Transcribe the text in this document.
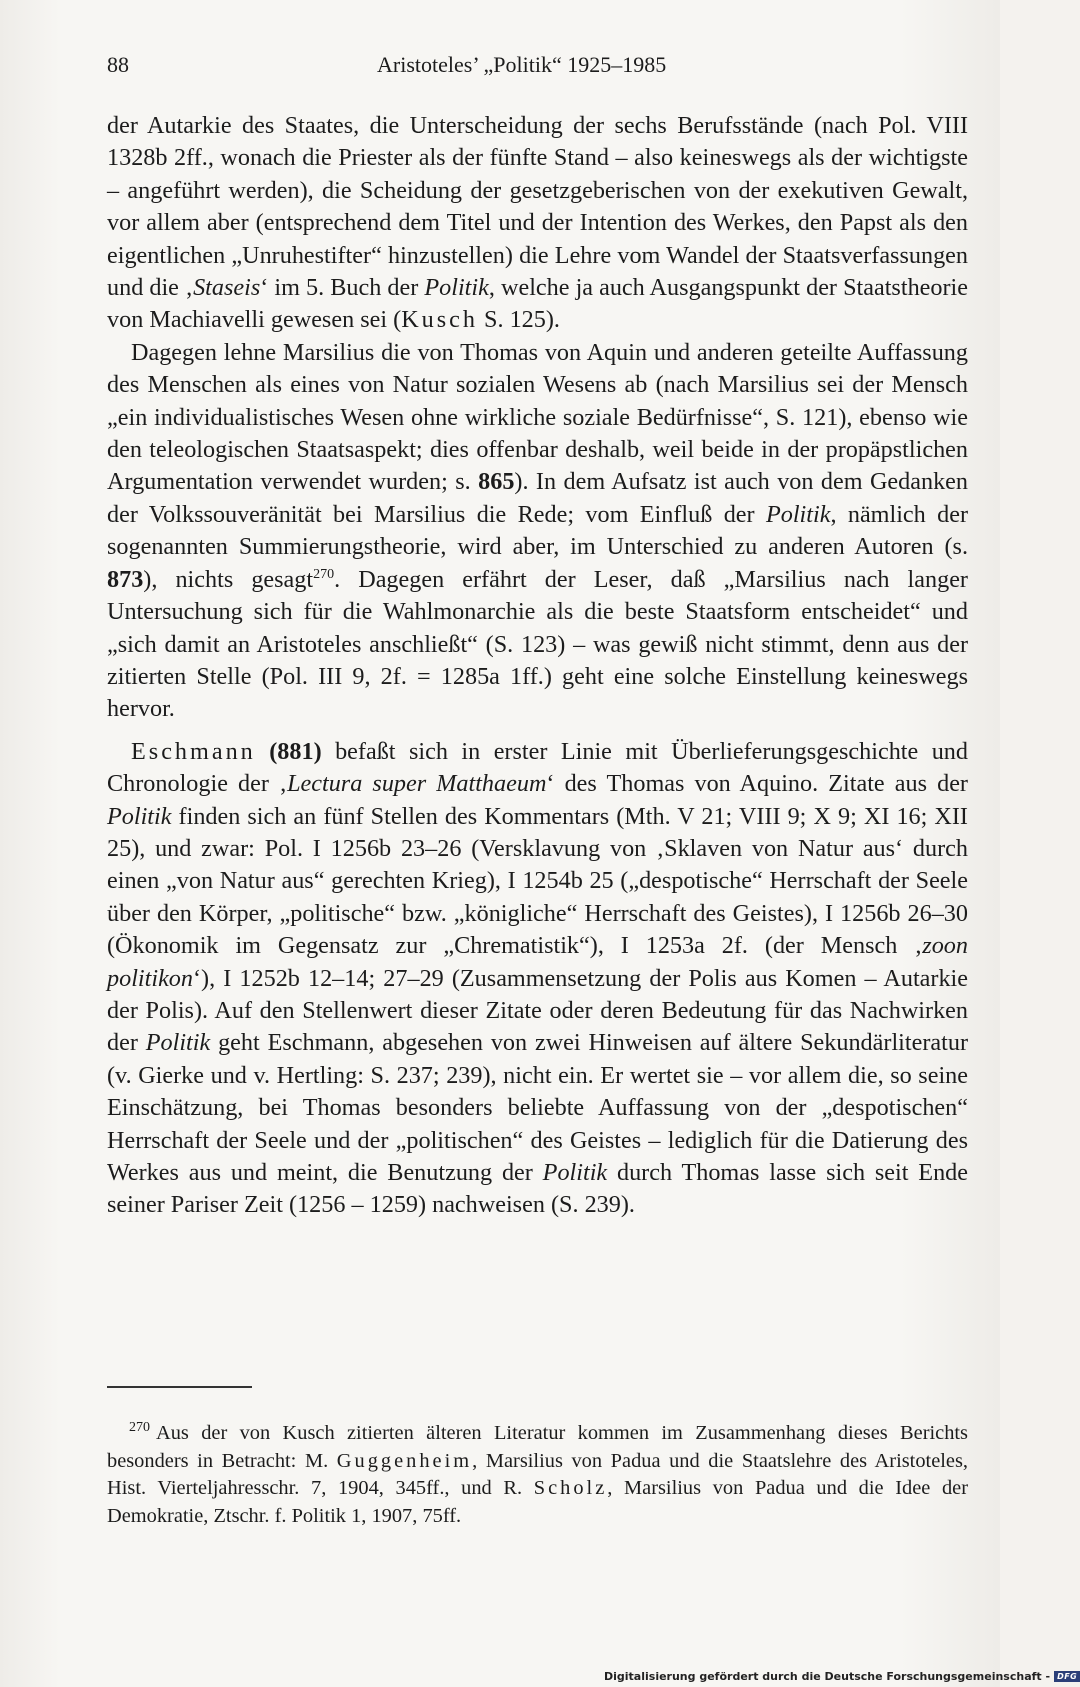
88	Aristoteles’ „Politik“ 1925–1985

der Autarkie des Staates, die Unterscheidung der sechs Berufsstände (nach Pol. VIII 1328b 2ff., wonach die Priester als der fünfte Stand – also keineswegs als der wichtigste – angeführt werden), die Scheidung der gesetzgeberischen von der exekutiven Gewalt, vor allem aber (entsprechend dem Titel und der Intention des Werkes, den Papst als den eigentlichen „Unruhestifter“ hinzustellen) die Lehre vom Wandel der Staatsverfassungen und die ‚Staseis‘ im 5. Buch der Politik, welche ja auch Ausgangspunkt der Staatstheorie von Machiavelli gewesen sei (Kusch S. 125).

Dagegen lehne Marsilius die von Thomas von Aquin und anderen geteilte Auffassung des Menschen als eines von Natur sozialen Wesens ab (nach Marsilius sei der Mensch „ein individualistisches Wesen ohne wirkliche soziale Bedürfnisse“, S. 121), ebenso wie den teleologischen Staatsaspekt; dies offenbar deshalb, weil beide in der propäpstlichen Argumentation verwendet wurden; s. 865). In dem Aufsatz ist auch von dem Gedanken der Volkssouveränität bei Marsilius die Rede; vom Einfluß der Politik, nämlich der sogenannten Summierungstheorie, wird aber, im Unterschied zu anderen Autoren (s. 873), nichts gesagt$^{270}$. Dagegen erfährt der Leser, daß „Marsilius nach langer Untersuchung sich für die Wahlmonarchie als die beste Staatsform entscheidet“ und „sich damit an Aristoteles anschließt“ (S. 123) – was gewiß nicht stimmt, denn aus der zitierten Stelle (Pol. III 9, 2f. = 1285a 1ff.) geht eine solche Einstellung keineswegs hervor.

Eschmann (881) befaßt sich in erster Linie mit Überlieferungsgeschichte und Chronologie der ‚Lectura super Matthaeum‘ des Thomas von Aquino. Zitate aus der Politik finden sich an fünf Stellen des Kommentars (Mth. V 21; VIII 9; X 9; XI 16; XII 25), und zwar: Pol. I 1256b 23–26 (Versklavung von ‚Sklaven von Natur aus‘ durch einen „von Natur aus“ gerechten Krieg), I 1254b 25 („despotische“ Herrschaft der Seele über den Körper, „politische“ bzw. „königliche“ Herrschaft des Geistes), I 1256b 26–30 (Ökonomik im Gegensatz zur „Chrematistik“), I 1253a 2f. (der Mensch ‚zoon politikon‘), I 1252b 12–14; 27–29 (Zusammensetzung der Polis aus Komen – Autarkie der Polis). Auf den Stellenwert dieser Zitate oder deren Bedeutung für das Nachwirken der Politik geht Eschmann, abgesehen von zwei Hinweisen auf ältere Sekundärliteratur (v. Gierke und v. Hertling: S. 237; 239), nicht ein. Er wertet sie – vor allem die, so seine Einschätzung, bei Thomas besonders beliebte Auffassung von der „despotischen“ Herrschaft der Seele und der „politischen“ des Geistes – lediglich für die Datierung des Werkes aus und meint, die Benutzung der Politik durch Thomas lasse sich seit Ende seiner Pariser Zeit (1256 – 1259) nachweisen (S. 239).

$^{270}$ Aus der von Kusch zitierten älteren Literatur kommen im Zusammenhang dieses Berichts besonders in Betracht: M. Guggenheim, Marsilius von Padua und die Staatslehre des Aristoteles, Hist. Vierteljahresschr. 7, 1904, 345ff., und R. Scholz, Marsilius von Padua und die Idee der Demokratie, Ztschr. f. Politik 1, 1907, 75ff.
Digitalisierung gefördert durch die Deutsche Forschungsgemeinschaft - DFG
